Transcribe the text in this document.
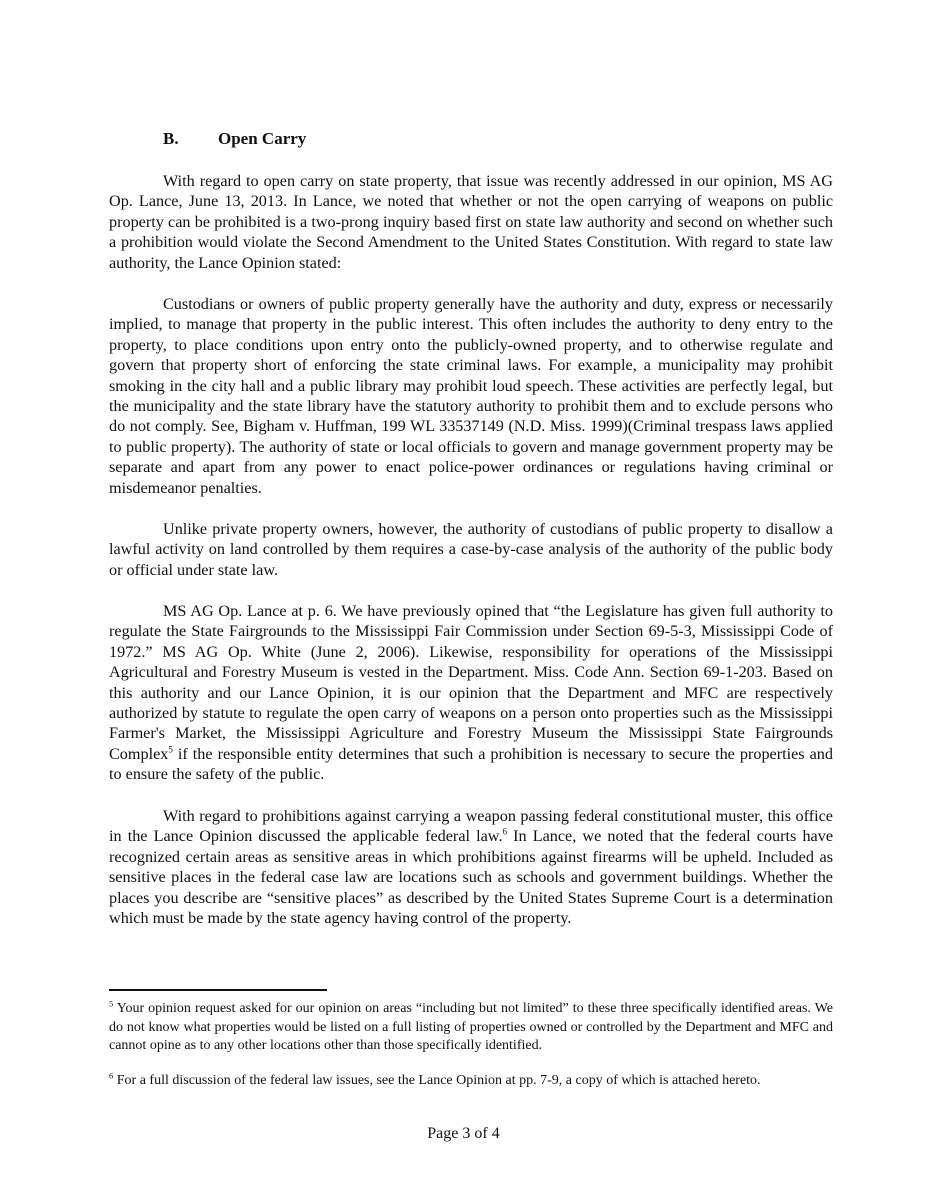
B. Open Carry

With regard to open carry on state property, that issue was recently addressed in our opinion, MS AG Op. Lance, June 13, 2013. In Lance, we noted that whether or not the open carrying of weapons on public property can be prohibited is a two-prong inquiry based first on state law authority and second on whether such a prohibition would violate the Second Amendment to the United States Constitution. With regard to state law authority, the Lance Opinion stated:

Custodians or owners of public property generally have the authority and duty, express or necessarily implied, to manage that property in the public interest. This often includes the authority to deny entry to the property, to place conditions upon entry onto the publicly-owned property, and to otherwise regulate and govern that property short of enforcing the state criminal laws. For example, a municipality may prohibit smoking in the city hall and a public library may prohibit loud speech. These activities are perfectly legal, but the municipality and the state library have the statutory authority to prohibit them and to exclude persons who do not comply. See, Bigham v. Huffman, 199 WL 33537149 (N.D. Miss. 1999)(Criminal trespass laws applied to public property). The authority of state or local officials to govern and manage government property may be separate and apart from any power to enact police-power ordinances or regulations having criminal or misdemeanor penalties.

Unlike private property owners, however, the authority of custodians of public property to disallow a lawful activity on land controlled by them requires a case-by-case analysis of the authority of the public body or official under state law.

MS AG Op. Lance at p. 6. We have previously opined that “the Legislature has given full authority to regulate the State Fairgrounds to the Mississippi Fair Commission under Section 69-5-3, Mississippi Code of 1972.” MS AG Op. White (June 2, 2006). Likewise, responsibility for operations of the Mississippi Agricultural and Forestry Museum is vested in the Department. Miss. Code Ann. Section 69-1-203. Based on this authority and our Lance Opinion, it is our opinion that the Department and MFC are respectively authorized by statute to regulate the open carry of weapons on a person onto properties such as the Mississippi Farmer's Market, the Mississippi Agriculture and Forestry Museum the Mississippi State Fairgrounds Complex$^5$ if the responsible entity determines that such a prohibition is necessary to secure the properties and to ensure the safety of the public.

With regard to prohibitions against carrying a weapon passing federal constitutional muster, this office in the Lance Opinion discussed the applicable federal law.$^6$ In Lance, we noted that the federal courts have recognized certain areas as sensitive areas in which prohibitions against firearms will be upheld. Included as sensitive places in the federal case law are locations such as schools and government buildings. Whether the places you describe are “sensitive places” as described by the United States Supreme Court is a determination which must be made by the state agency having control of the property.

$^5$ Your opinion request asked for our opinion on areas “including but not limited” to these three specifically identified areas. We do not know what properties would be listed on a full listing of properties owned or controlled by the Department and MFC and cannot opine as to any other locations other than those specifically identified.

$^6$ For a full discussion of the federal law issues, see the Lance Opinion at pp. 7-9, a copy of which is attached hereto.

Page 3 of 4
